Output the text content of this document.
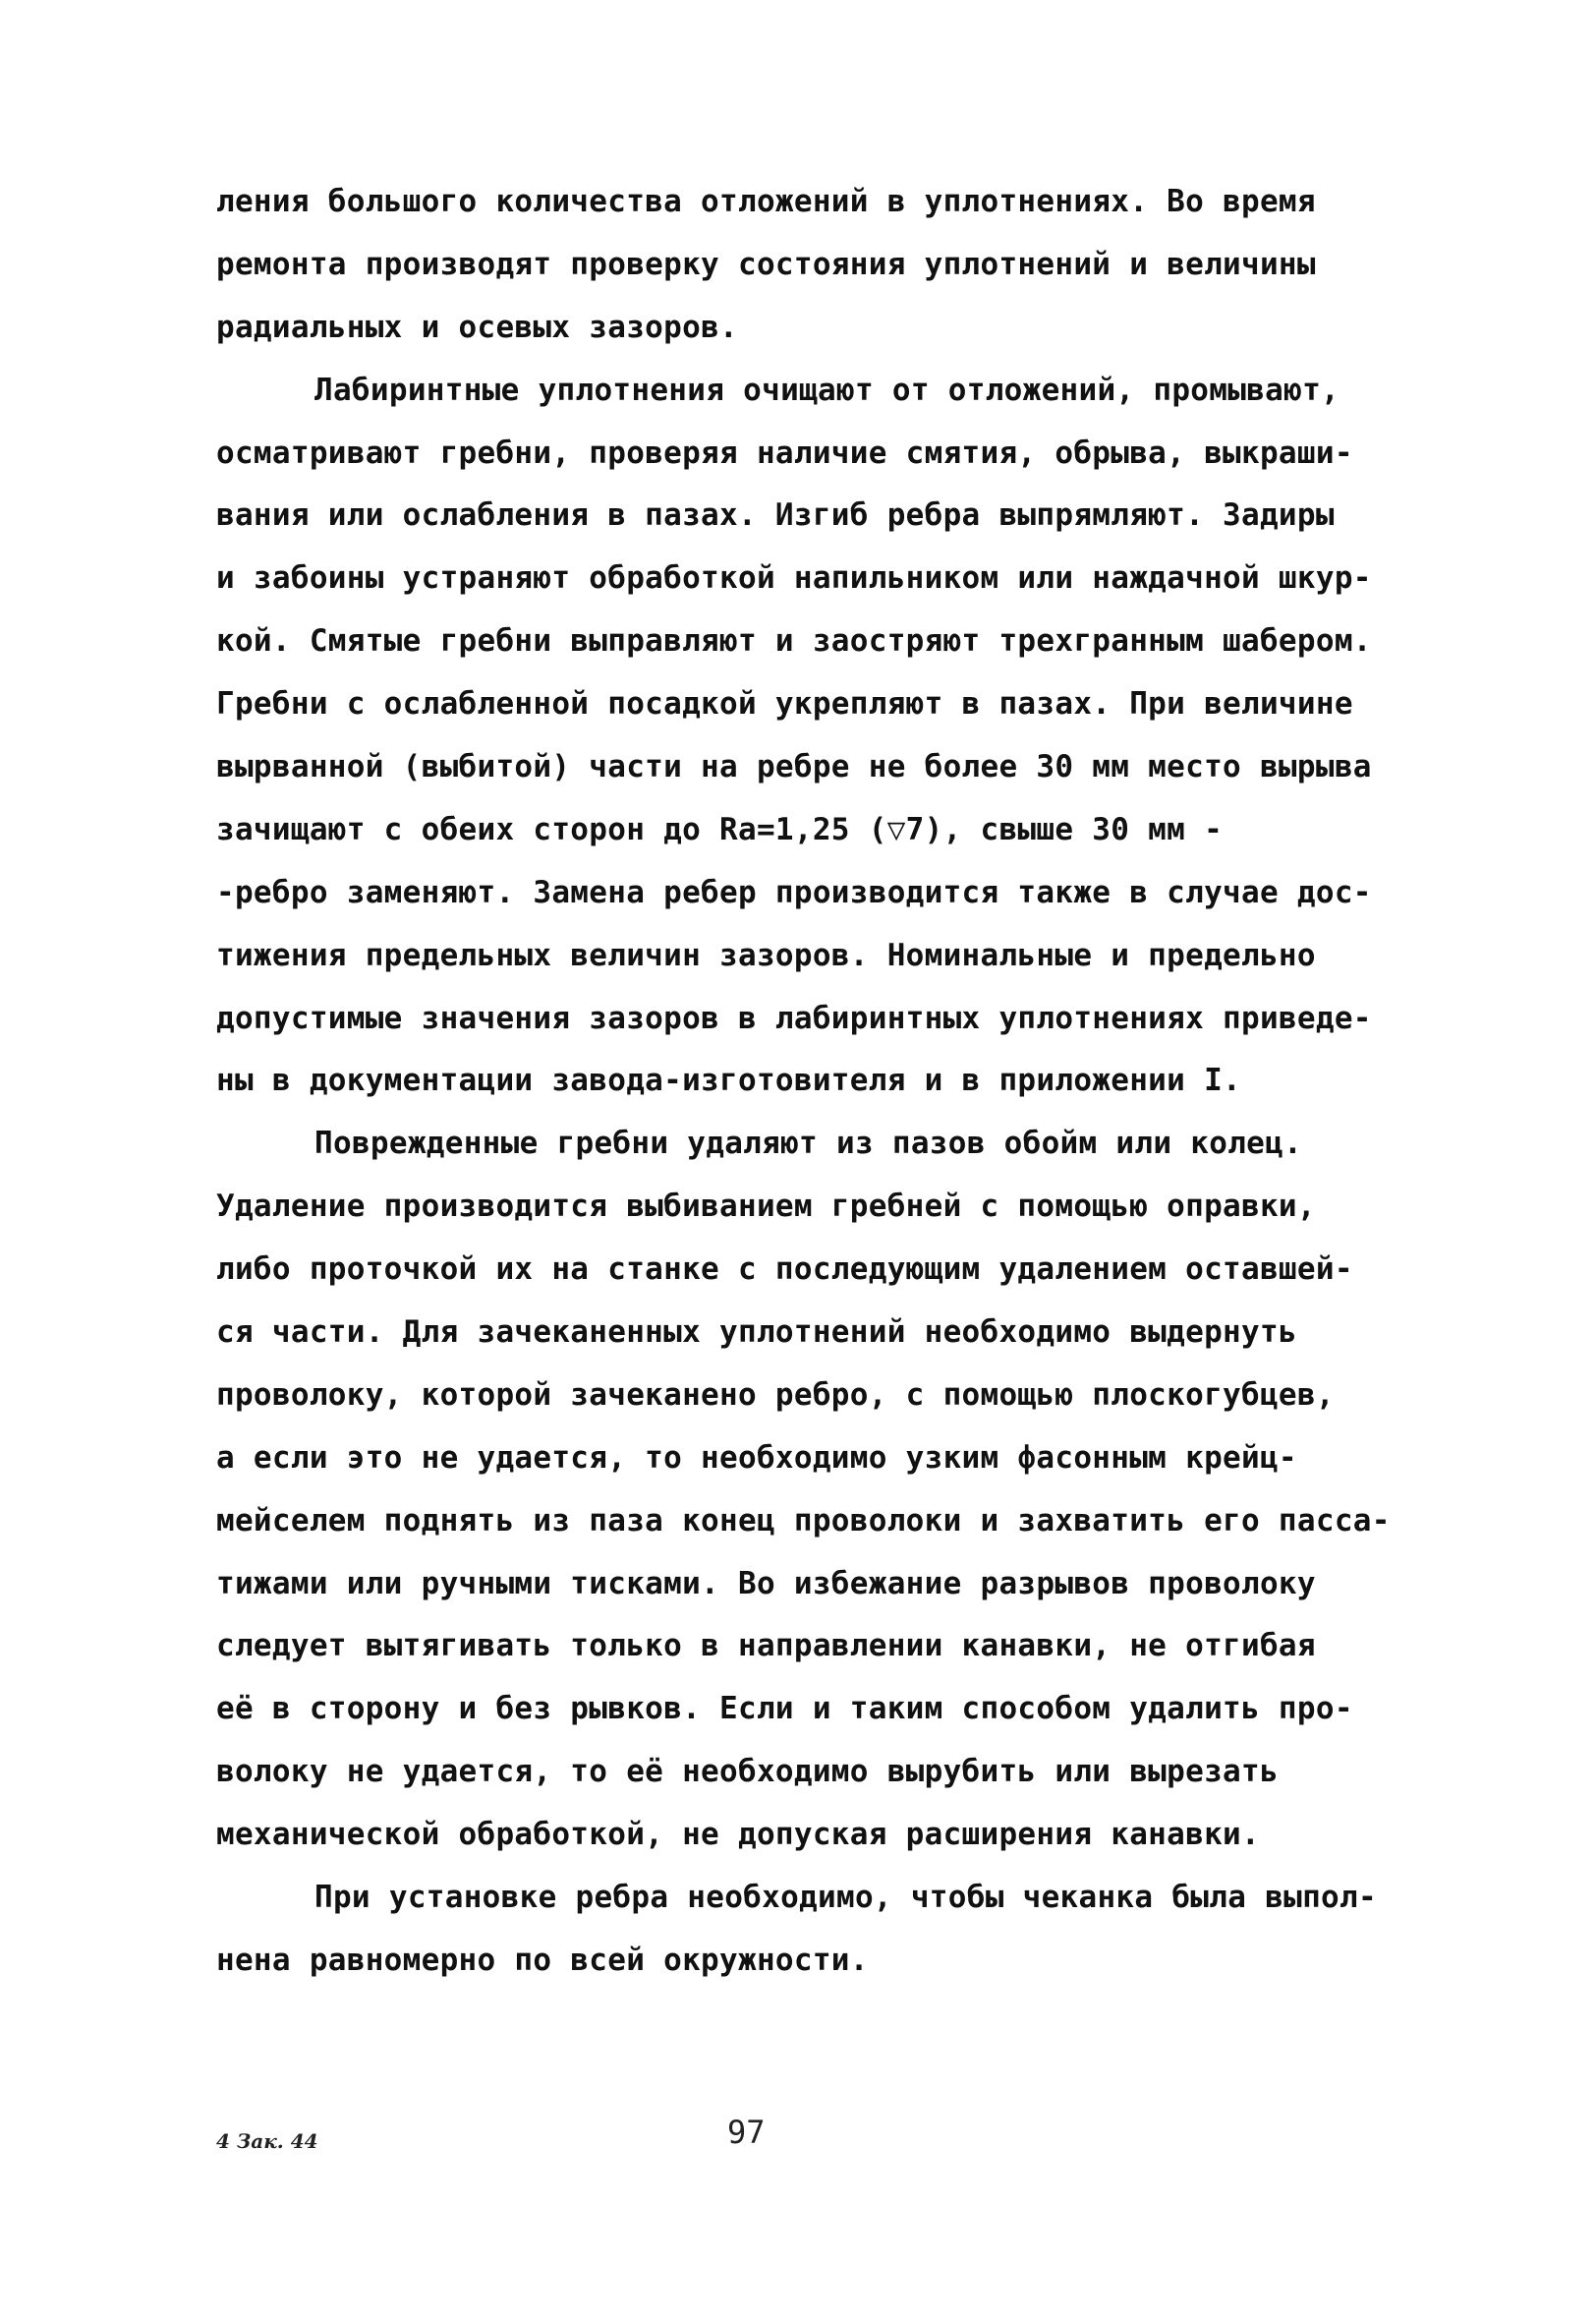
ления большого количества отложений в уплотнениях. Во время
ремонта производят проверку состояния уплотнений и величины
радиальных и осевых зазоров.
Лабиринтные уплотнения очищают от отложений, промывают,
осматривают гребни, проверяя наличие смятия, обрыва, выкраши-
вания или ослабления в пазах. Изгиб ребра выпрямляют. Задиры
и забоины устраняют обработкой напильником или наждачной шкур-
кой. Смятые гребни выправляют и заостряют трехгранным шабером.
Гребни с ослабленной посадкой укрепляют в пазах. При величине
вырванной (выбитой) части на ребре не более 30 мм место вырыва
зачищают с обеих сторон до Ra=1,25 (▽7), свыше 30 мм -
-ребро заменяют. Замена ребер производится также в случае дос-
тижения предельных величин зазоров. Номинальные и предельно
допустимые значения зазоров в лабиринтных уплотнениях приведе-
ны в документации завода-изготовителя и в приложении I.
Поврежденные гребни удаляют из пазов обойм или колец.
Удаление производится выбиванием гребней с помощью оправки,
либо проточкой их на станке с последующим удалением оставшей-
ся части. Для зачеканенных уплотнений необходимо выдернуть
проволоку, которой зачеканено ребро, с помощью плоскогубцев,
а если это не удается, то необходимо узким фасонным крейц-
мейселем поднять из паза конец проволоки и захватить его пасса-
тижами или ручными тисками. Во избежание разрывов проволоку
следует вытягивать только в направлении канавки, не отгибая
её в сторону и без рывков. Если и таким способом удалить про-
волоку не удается, то её необходимо вырубить или вырезать
механической обработкой, не допуская расширения канавки.
При установке ребра необходимо, чтобы чеканка была выпол-
нена равномерно по всей окружности.
4 Зак. 44	97
